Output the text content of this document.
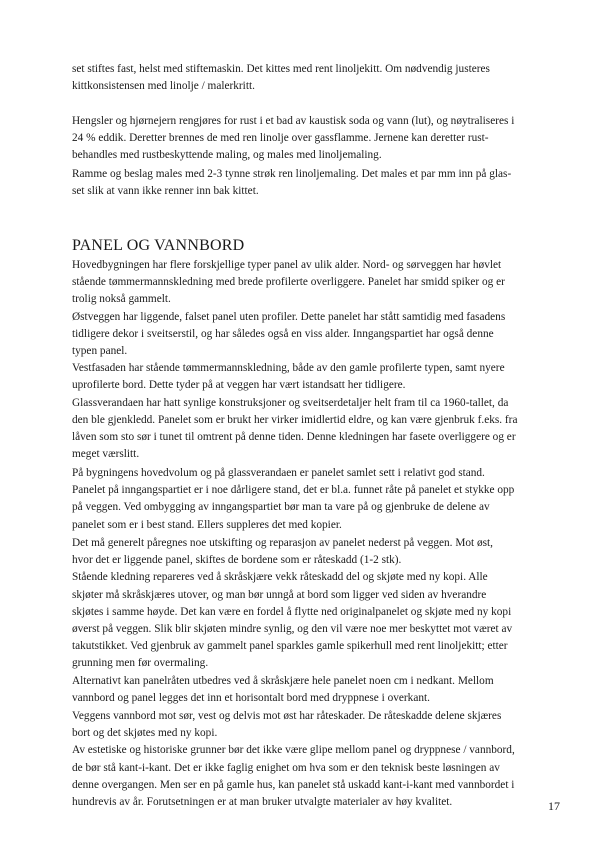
set stiftes fast, helst med stiftemaskin. Det kittes med rent linoljekitt. Om nødvendig justeres

kittkonsistensen med linolje / malerkritt.

Hengsler og hjørnejern rengjøres for rust i et bad av kaustisk soda og vann (lut), og nøytraliseres i

24 % eddik. Deretter brennes de med ren linolje over gassflamme. Jernene kan deretter rust-

behandles med rustbeskyttende maling, og males med linoljemaling.

Ramme og beslag males med 2-3 tynne strøk ren linoljemaling. Det males et par mm inn på glas-

set slik at vann ikke renner inn bak kittet.

PANEL OG VANNBORD

Hovedbygningen har flere forskjellige typer panel av ulik alder. Nord- og sørveggen har høvlet

stående tømmermannskledning med brede profilerte overliggere. Panelet har smidd spiker og er

trolig nokså gammelt.

Østveggen har liggende, falset panel uten profiler. Dette panelet har stått samtidig med fasadens

tidligere dekor i sveitserstil, og har således også en viss alder. Inngangspartiet har også denne

typen panel.

Vestfasaden har stående tømmermannskledning, både av den gamle profilerte typen, samt nyere

uprofilerte bord. Dette tyder på at veggen har vært istandsatt her tidligere.

Glassverandaen har hatt synlige konstruksjoner og sveitserdetaljer helt fram til ca 1960-tallet, da

den ble gjenkledd. Panelet som er brukt her virker imidlertid eldre, og kan være gjenbruk f.eks. fra

låven som sto sør i tunet til omtrent på denne tiden. Denne kledningen har fasete overliggere og er

meget værslitt.

På bygningens hovedvolum og på glassverandaen er panelet samlet sett i relativt god stand.

Panelet på inngangspartiet er i noe dårligere stand, det er bl.a. funnet råte på panelet et stykke opp

på veggen. Ved ombygging av inngangspartiet bør man ta vare på og gjenbruke de delene av

panelet som er i best stand. Ellers suppleres det med kopier.

Det må generelt påregnes noe utskifting og reparasjon av panelet nederst på veggen. Mot øst,

hvor det er liggende panel, skiftes de bordene som er råteskadd (1-2 stk).

Stående kledning repareres ved å skråskjære vekk råteskadd del og skjøte med ny kopi. Alle

skjøter må skråskjæres utover, og man bør unngå at bord som ligger ved siden av hverandre

skjøtes i samme høyde. Det kan være en fordel å flytte ned originalpanelet og skjøte med ny kopi

øverst på veggen. Slik blir skjøten mindre synlig, og den vil være noe mer beskyttet mot været av

takutstikket. Ved gjenbruk av gammelt panel sparkles gamle spikerhull med rent linoljekitt; etter

grunning men før overmaling.

Alternativt kan panelråten utbedres ved å skråskjære hele panelet noen cm i nedkant. Mellom

vannbord og panel legges det inn et horisontalt bord med dryppnese i overkant.

Veggens vannbord mot sør, vest og delvis mot øst har råteskader. De råteskadde delene skjæres

bort og det skjøtes med ny kopi.

Av estetiske og historiske grunner bør det ikke være glipe mellom panel og dryppnese / vannbord,

de bør stå kant-i-kant. Det er ikke faglig enighet om hva som er den teknisk beste løsningen av

denne overgangen. Men ser en på gamle hus, kan panelet stå uskadd kant-i-kant med vannbordet i

hundrevis av år. Forutsetningen er at man bruker utvalgte materialer av høy kvalitet.	17
